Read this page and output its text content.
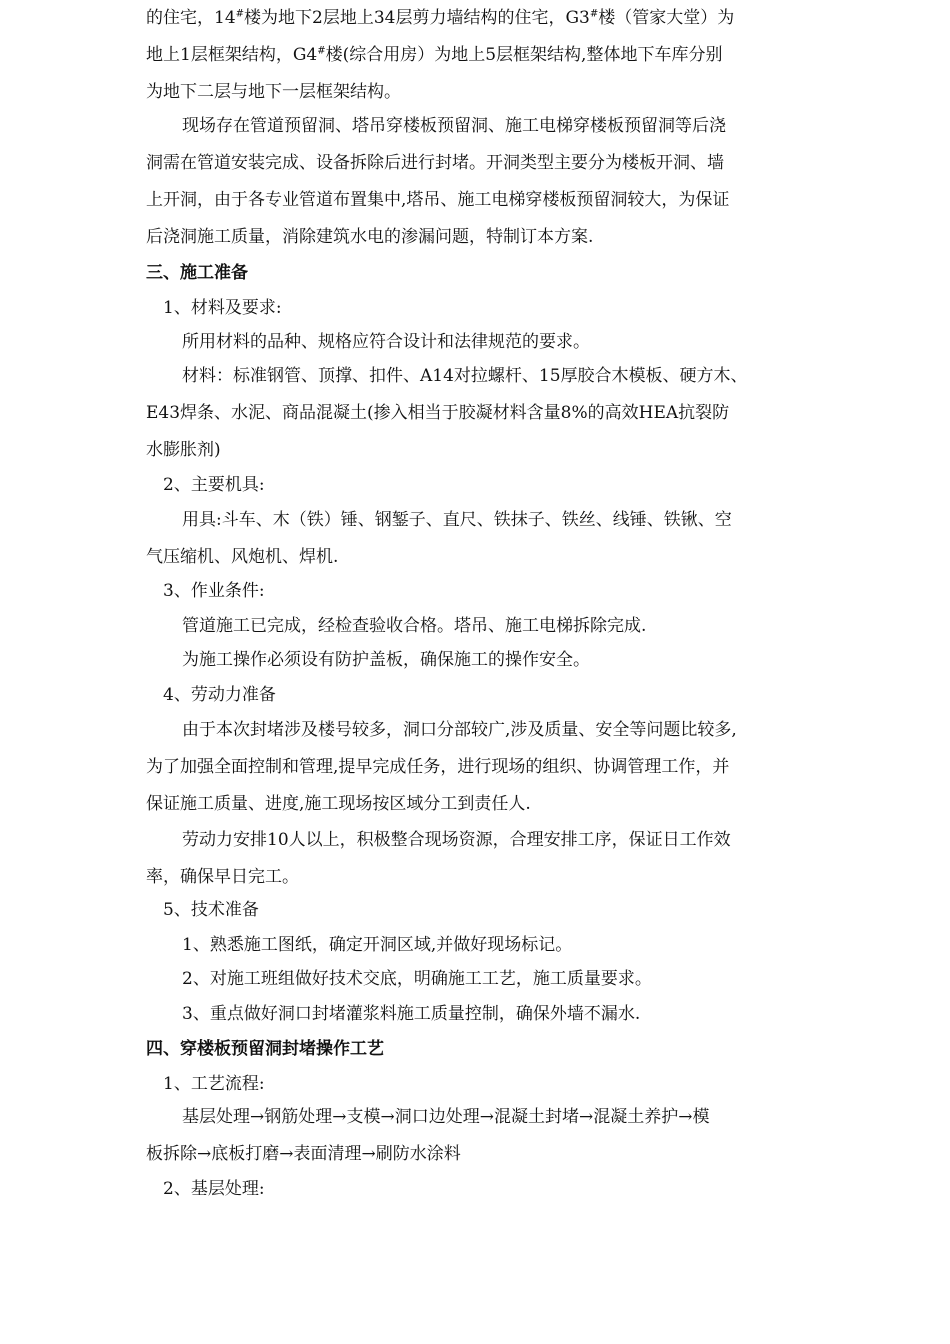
的住宅，14#楼为地下2层地上34层剪力墙结构的住宅，G3#楼（管家大堂）为
地上1层框架结构，G4#楼(综合用房）为地上5层框架结构,整体地下车库分别
为地下二层与地下一层框架结构。
现场存在管道预留洞、塔吊穿楼板预留洞、施工电梯穿楼板预留洞等后浇
洞需在管道安装完成、设备拆除后进行封堵。开洞类型主要分为楼板开洞、墙
上开洞，由于各专业管道布置集中,塔吊、施工电梯穿楼板预留洞较大，为保证
后浇洞施工质量，消除建筑水电的渗漏问题，特制订本方案.
三、施工准备
1、材料及要求:
所用材料的品种、规格应符合设计和法律规范的要求。
材料：标准钢管、顶撑、扣件、A14对拉螺杆、15厚胶合木模板、硬方木、
E43焊条、水泥、商品混凝土(掺入相当于胶凝材料含量8%的高效HEA抗裂防
水膨胀剂)
2、主要机具:
用具:斗车、木（铁）锤、钢錾子、直尺、铁抹子、铁丝、线锤、铁锹、空
气压缩机、风炮机、焊机.
3、作业条件:
管道施工已完成，经检查验收合格。塔吊、施工电梯拆除完成.
为施工操作必须设有防护盖板，确保施工的操作安全。
4、劳动力准备
由于本次封堵涉及楼号较多，洞口分部较广,涉及质量、安全等问题比较多,
为了加强全面控制和管理,提早完成任务，进行现场的组织、协调管理工作，并
保证施工质量、进度,施工现场按区域分工到责任人.
劳动力安排10人以上，积极整合现场资源，合理安排工序，保证日工作效
率，确保早日完工。
5、技术准备
1、熟悉施工图纸，确定开洞区域,并做好现场标记。
2、对施工班组做好技术交底，明确施工工艺，施工质量要求。
3、重点做好洞口封堵灌浆料施工质量控制，确保外墙不漏水.
四、穿楼板预留洞封堵操作工艺
1、工艺流程:
基层处理→钢筋处理→支模→洞口边处理→混凝土封堵→混凝土养护→模
板拆除→底板打磨→表面清理→刷防水涂料
2、基层处理:
